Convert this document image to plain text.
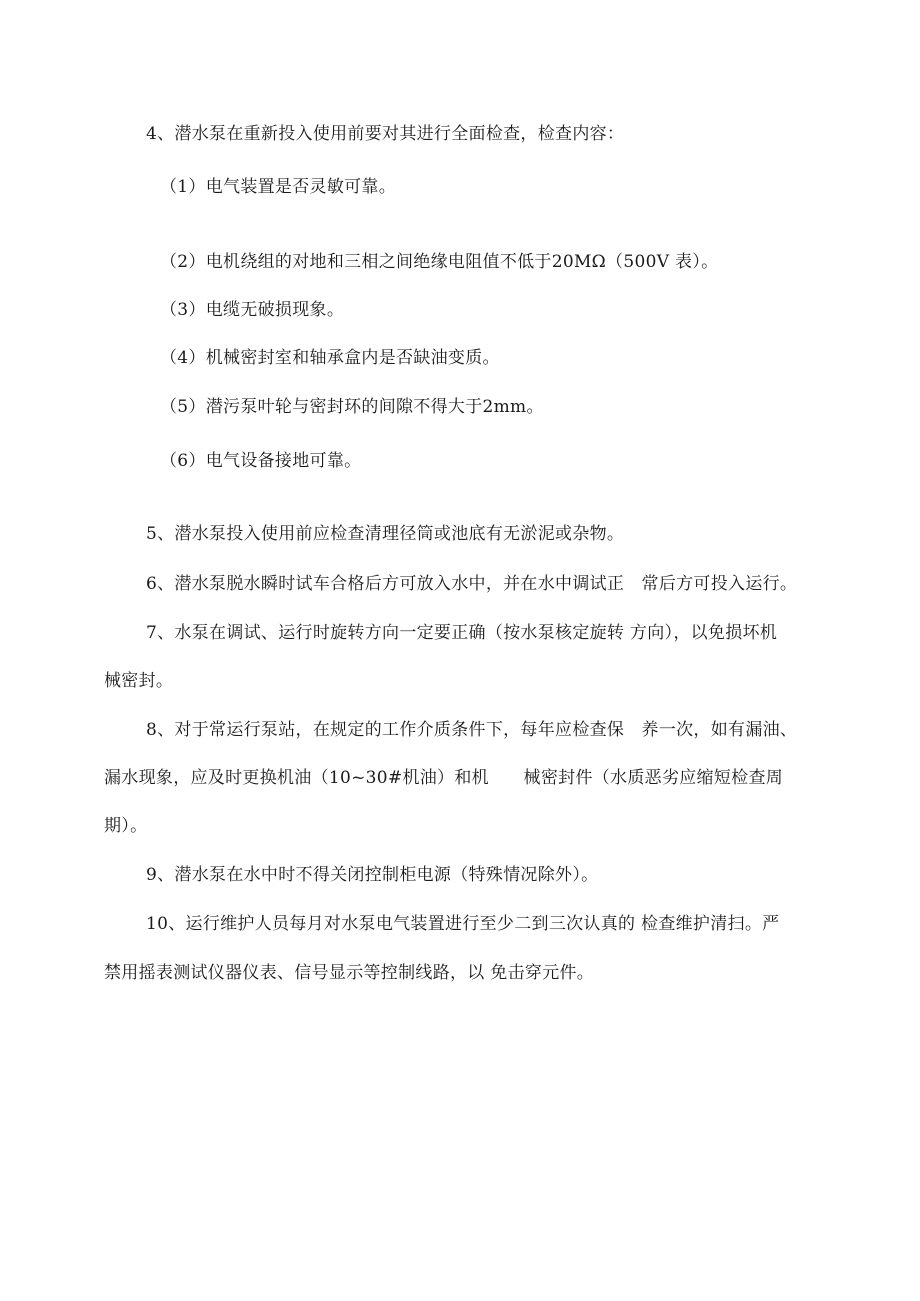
4、潜水泵在重新投入使用前要对其进行全面检查，检查内容：
（1）电气装置是否灵敏可靠。
（2）电机绕组的对地和三相之间绝缘电阻值不低于20MΩ（500V 表）。
（3）电缆无破损现象。
（4）机械密封室和轴承盒内是否缺油变质。
（5）潜污泵叶轮与密封环的间隙不得大于2mm。
（6）电气设备接地可靠。
5、潜水泵投入使用前应检查清理径筒或池底有无淤泥或杂物。
6、潜水泵脱水瞬时试车合格后方可放入水中，并在水中调试正　常后方可投入运行。
7、水泵在调试、运行时旋转方向一定要正确（按水泵核定旋转 方向），以免损坏机
械密封。
8、对于常运行泵站，在规定的工作介质条件下，每年应检查保　养一次，如有漏油、
漏水现象，应及时更换机油（10~30#机油）和机　　械密封件（水质恶劣应缩短检查周
期）。
9、潜水泵在水中时不得关闭控制柜电源（特殊情况除外）。
10、运行维护人员每月对水泵电气装置进行至少二到三次认真的 检查维护清扫。严
禁用摇表测试仪器仪表、信号显示等控制线路，以 免击穿元件。
